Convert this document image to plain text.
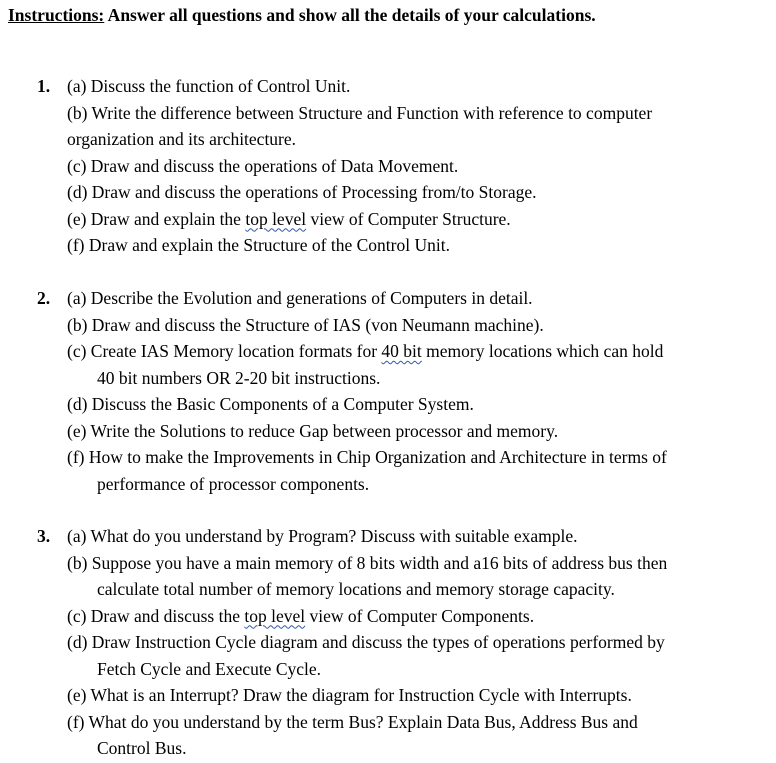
Instructions: Answer all questions and show all the details of your calculations.
1. (a) Discuss the function of Control Unit.
(b) Write the difference between Structure and Function with reference to computer
organization and its architecture.
(c) Draw and discuss the operations of Data Movement.
(d) Draw and discuss the operations of Processing from/to Storage.
(e) Draw and explain the top level view of Computer Structure.
(f) Draw and explain the Structure of the Control Unit.
2. (a) Describe the Evolution and generations of Computers in detail.
(b) Draw and discuss the Structure of IAS (von Neumann machine).
(c) Create IAS Memory location formats for 40 bit memory locations which can hold
40 bit numbers OR 2-20 bit instructions.
(d) Discuss the Basic Components of a Computer System.
(e) Write the Solutions to reduce Gap between processor and memory.
(f) How to make the Improvements in Chip Organization and Architecture in terms of
performance of processor components.
3. (a) What do you understand by Program? Discuss with suitable example.
(b) Suppose you have a main memory of 8 bits width and a16 bits of address bus then
calculate total number of memory locations and memory storage capacity.
(c) Draw and discuss the top level view of Computer Components.
(d) Draw Instruction Cycle diagram and discuss the types of operations performed by
Fetch Cycle and Execute Cycle.
(e) What is an Interrupt? Draw the diagram for Instruction Cycle with Interrupts.
(f) What do you understand by the term Bus? Explain Data Bus, Address Bus and
Control Bus.
